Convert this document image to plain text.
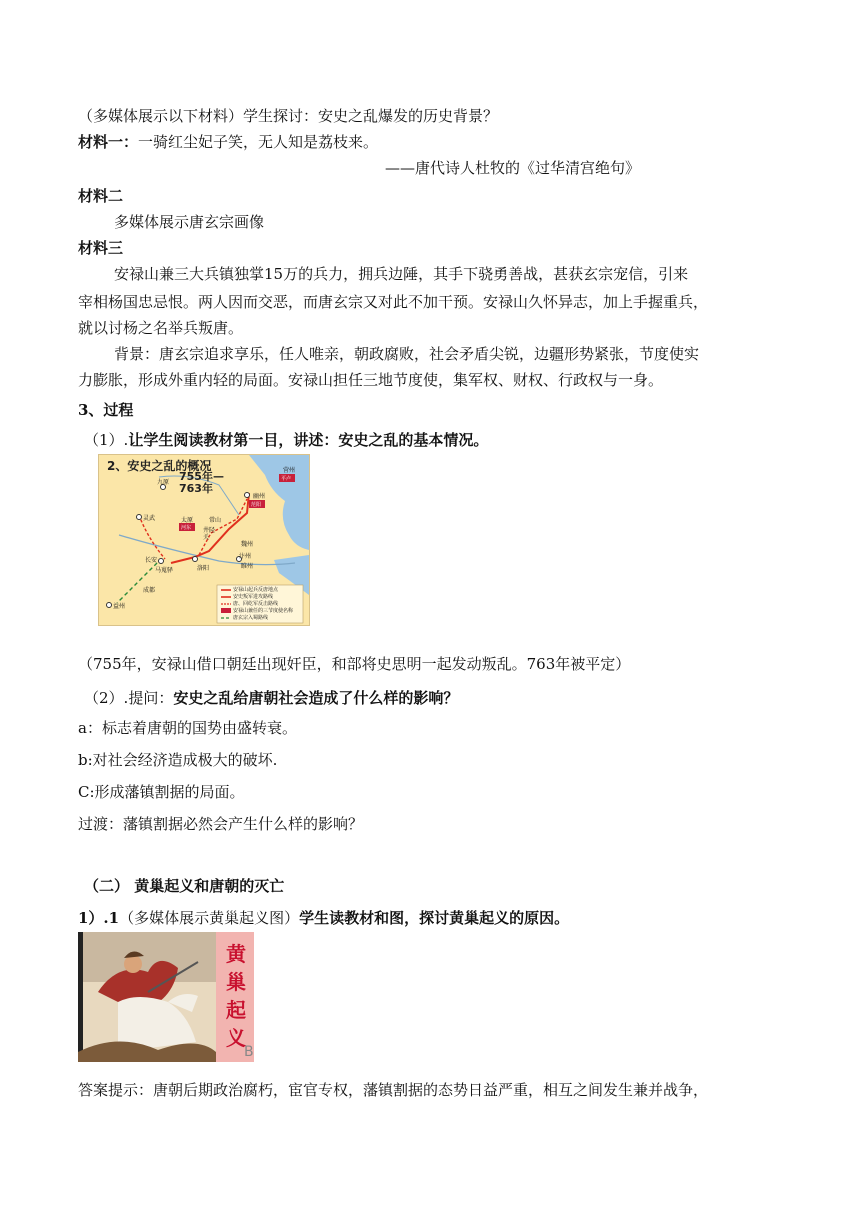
（多媒体展示以下材料）学生探讨：安史之乱爆发的历史背景？
材料一：一骑红尘妃子笑，无人知是荔枝来。
——唐代诗人杜牧的《过华清宫绝句》
材料二
多媒体展示唐玄宗画像
材料三
安禄山兼三大兵镇独掌15万的兵力，拥兵边陲，其手下骁勇善战，甚获玄宗宠信，引来
宰相杨国忠忌恨。两人因而交恶，而唐玄宗又对此不加干预。安禄山久怀异志，加上手握重兵，
就以讨杨之名举兵叛唐。
背景：唐玄宗追求享乐，任人唯亲，朝政腐败，社会矛盾尖锐，边疆形势紧张，节度使实
力膨胀，形成外重内轻的局面。安禄山担任三地节度使，集军权、财权、行政权与一身。
3、过程
（1）.让学生阅读教材第一目，讲述：安史之乱的基本情况。
2、安史之乱的概况
755年—763年
营州
九原
幽州
范阳
灵武	太原
河东
常山
井陉关
平卢
长安
洛阳
汴州
魏州
睢州
马嵬驿
成都
益州
安禄山起兵反唐地点
安史叛军进攻路线
唐、回纥军反击路线
安禄山兼任的三节度使名称
唐玄宗入蜀路线
（755年，安禄山借口朝廷出现奸臣，和部将史思明一起发动叛乱。763年被平定）
（2）.提问：安史之乱给唐朝社会造成了什么样的影响？
a：标志着唐朝的国势由盛转衰。
b:对社会经济造成极大的破坏.
C:形成藩镇割据的局面。
过渡：藩镇割据必然会产生什么样的影响？
（二） 黄巢起义和唐朝的灭亡
1）.1（多媒体展示黄巢起义图）学生读教材和图，探讨黄巢起义的原因。
黄巢起义
B
答案提示：唐朝后期政治腐朽，宦官专权，藩镇割据的态势日益严重，相互之间发生兼并战争，
